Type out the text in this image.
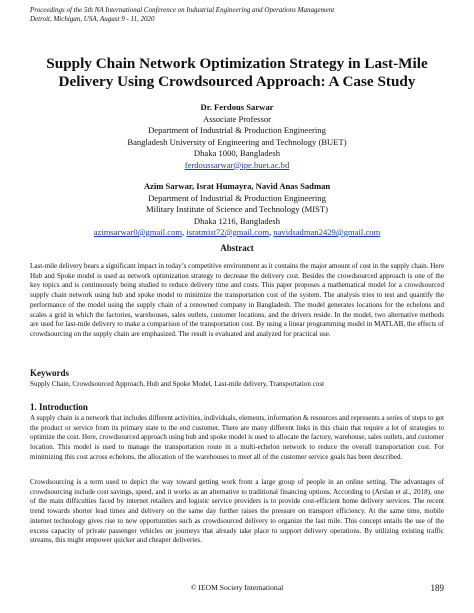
Proceedings of the 5th NA International Conference on Industrial Engineering and Operations Management
Detroit, Michigan, USA, August 9 - 11, 2020
Supply Chain Network Optimization Strategy in Last-Mile
Delivery Using Crowdsourced Approach: A Case Study
Dr. Ferdous Sarwar
Associate Professor
Department of Industrial & Production Engineering
Bangladesh University of Engineering and Technology (BUET)
Dhaka 1000, Bangladesh
ferdoussarwar@ipe.buet.ac.bd
Azim Sarwar, Israt Humayra, Navid Anas Sadman
Department of Industrial & Production Engineering
Military Institute of Science and Technology (MIST)
Dhaka 1216, Bangladesh
azimsarwar0@gmail.com, isratmist72@gmail.com, navidsadman2429@gmail.com
Abstract
Last-mile delivery bears a significant impact in today’s competitive environment as it contains the major amount of cost in the supply chain. Here Hub and Spoke model is used as network optimization strategy to decrease the delivery cost. Besides the crowdsourced approach is one of the key topics and is continuously being studied to reduce delivery time and costs. This paper proposes a mathematical model for a crowdsourced supply chain network using hub and spoke model to minimize the transportation cost of the system. The analysis tries to test and quantify the performance of the model using the supply chain of a renowned company in Bangladesh. The model generates locations for the echelons and scales a grid in which the factories, warehouses, sales outlets, customer locations, and the drivers reside. In the model, two alternative methods are used for last-mile delivery to make a comparison of the transportation cost. By using a linear programming model in MATLAB, the effects of crowdsourcing on the supply chain are emphasized. The result is evaluated and analyzed for practical use.
Keywords
Supply Chain, Crowdsourced Approach, Hub and Spoke Model, Last-mile delivery, Transportation cost
1. Introduction
A supply chain is a network that includes different activities, individuals, elements, information & resources and represents a series of steps to get the product or service from its primary state to the end customer. There are many different links in this chain that require a lot of strategies to optimize the cost. Here, crowdsourced approach using hub and spoke model is used to allocate the factory, warehouse, sales outlets, and customer location. This model is used to manage the transportation route in a multi-echelon network to reduce the overall transportation cost. For minimizing this cost across echelons, the allocation of the warehouses to meet all of the customer service goals has been described.
Crowdsourcing is a term used to depict the way toward getting work from a large group of people in an online setting. The advantages of crowdsourcing include cost savings, speed, and it works as an alternative to traditional financing options. According to (Arslan et al., 2018), one of the main difficulties faced by internet retailers and logistic service providers is to provide cost-efficient home delivery services. The recent trend towards shorter lead times and delivery on the same day further raises the pressure on transport efficiency. At the same time, mobile internet technology gives rise to new opportunities such as crowdsourced delivery to organize the last mile. This concept entails the use of the excess capacity of private passenger vehicles on journeys that already take place to support delivery operations. By utilizing existing traffic streams, this might empower quicker and cheaper deliveries.
© IEOM Society International	189
